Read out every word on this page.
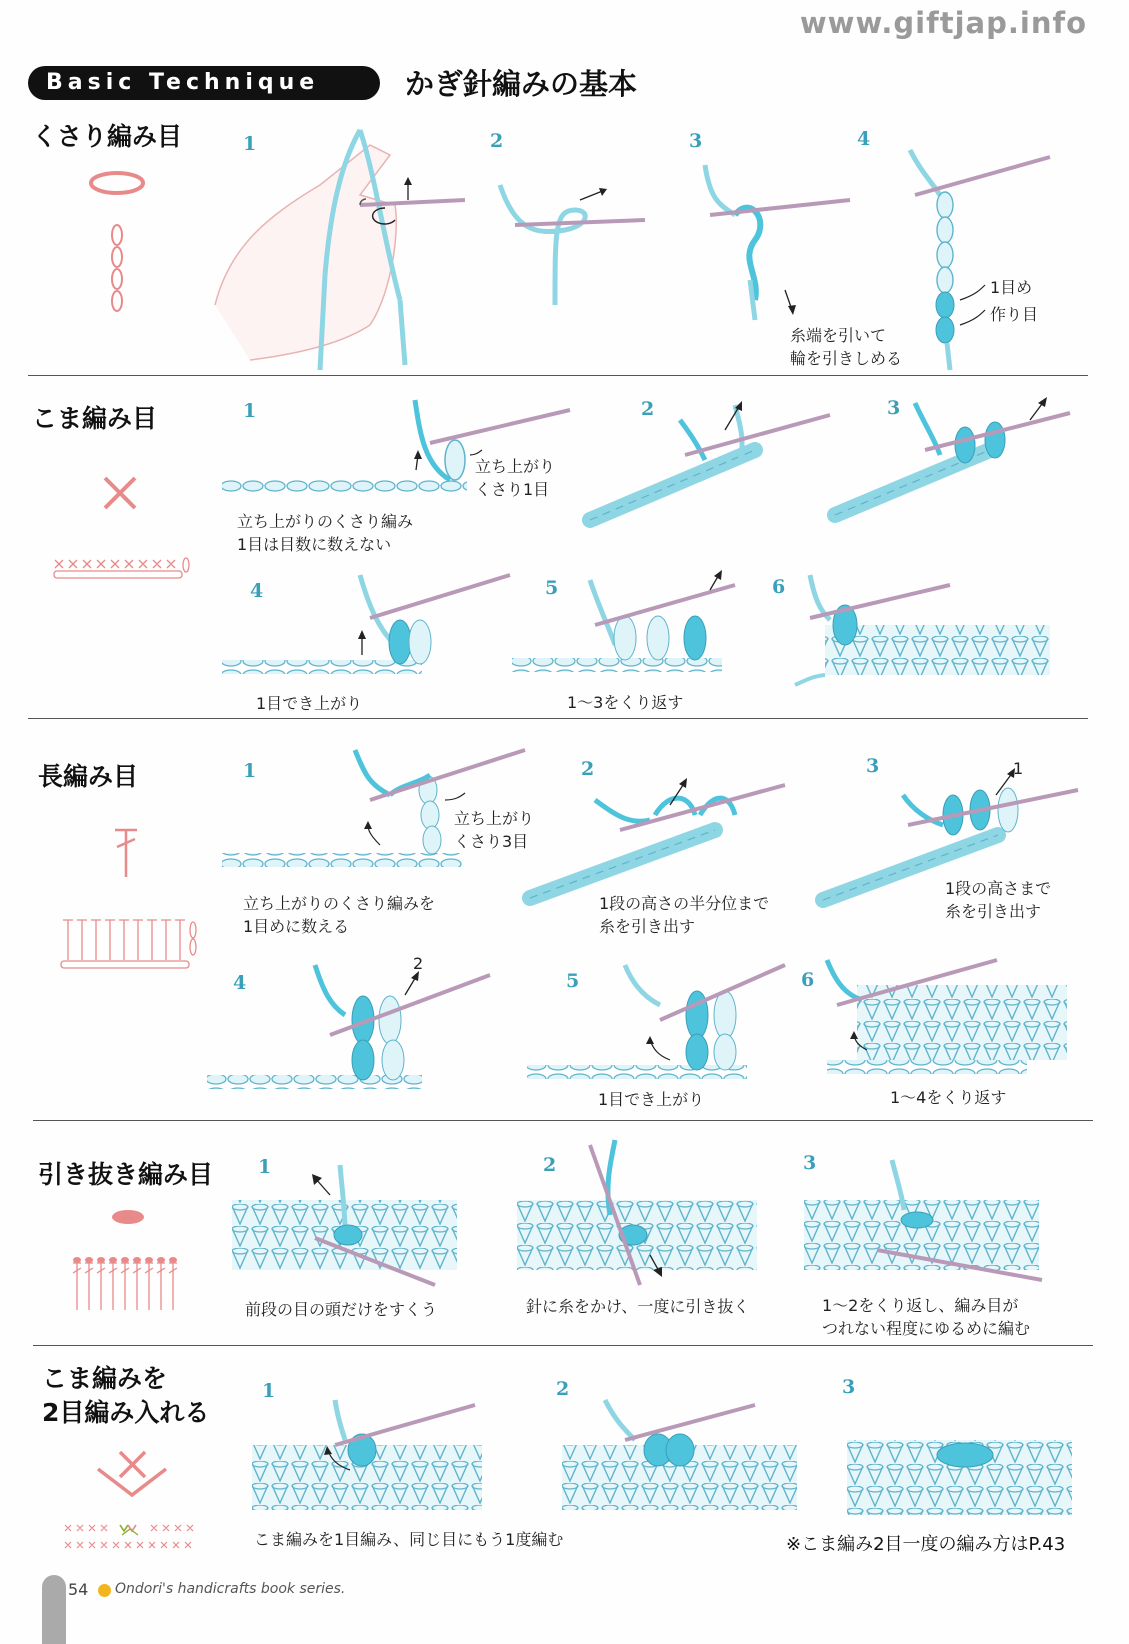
www.giftjap.info
Basic Technique	かぎ針編みの基本
くさり編み目	1	2	3	4
糸端を引いて
輪を引きしめる
1目め
作り目
こま編み目	1	2	3
4	5	6
立ち上がり
くさり1目
立ち上がりのくさり編み
1目は目数に数えない
1目でき上がり	1〜3をくり返す
長編み目	1	2	3
4	5	6
立ち上がり
くさり3目
立ち上がりのくさり編みを
1目めに数える
1段の高さの半分位まで
糸を引き出す
1
1段の高さまで
糸を引き出す
2
1目でき上がり	1〜4をくり返す
引き抜き編み目 1	2	3
前段の目の頭だけをすくう	針に糸をかけ、一度に引き抜く	1〜2をくり返し、編み目が
つれない程度にゆるめに編む
こま編みを
2目編み入れる
1	2	3
こま編みを1目編み、同じ目にもう1度編む	※こま編み2目一度の編み方はP.43
54 Ondori's handicrafts book series.
